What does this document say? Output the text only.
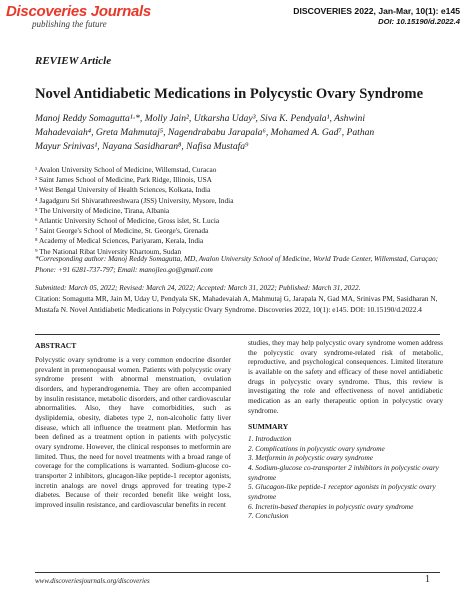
Discoveries Journals
publishing the future
DISCOVERIES 2022, Jan-Mar, 10(1): e145
DOI: 10.15190/d.2022.4
REVIEW Article
Novel Antidiabetic Medications in Polycystic Ovary Syndrome
Manoj Reddy Somagutta¹·*, Molly Jain², Utkarsha Uday³, Siva K. Pendyala¹, Ashwini
Mahadevaiah⁴, Greta Mahmutaj⁵, Nagendrababu Jarapala⁶, Mohamed A. Gad⁷, Pathan
Mayur Srinivas¹, Nayana Sasidharan⁸, Nafisa Mustafa⁹
¹ Avalon University School of Medicine, Willemstad, Curacao
² Saint James School of Medicine, Park Ridge, Illinois, USA
³ West Bengal University of Health Sciences, Kolkata, India
⁴ Jagadguru Sri Shivarathreeshwara (JSS) University, Mysore, India
⁵ The University of Medicine, Tirana, Albania
⁶ Atlantic University School of Medicine, Gross islet, St. Lucia
⁷ Saint George's School of Medicine, St. George's, Grenada
⁸ Academy of Medical Sciences, Pariyaram, Kerala, India
⁹ The National Ribat University Khartoum, Sudan
*Corresponding author: Manoj Reddy Somagutta, MD, Avalon University School of Medicine, World Trade Center, Willemstad, Curaçao; Phone: +91 6281-737-797; Email: manojleo.go@gmail.com
Submitted: March 05, 2022; Revised: March 24, 2022; Accepted: March 31, 2022; Published: March 31, 2022.
Citation: Somagutta MR, Jain M, Uday U, Pendyala SK, Mahadevaiah A, Mahmutaj G, Jarapala N, Gad MA, Srinivas PM, Sasidharan N, Mustafa N. Novel Antidiabetic Medications in Polycystic Ovary Syndrome. Discoveries 2022, 10(1): e145. DOI: 10.15190/d.2022.4
ABSTRACT
Polycystic ovary syndrome is a very common endocrine disorder prevalent in premenopausal women. Patients with polycystic ovary syndrome present with abnormal menstruation, ovulation disorders, and hyperandrogenemia. They are often accompanied by insulin resistance, metabolic disorders, and other cardiovascular abnormalities. Also, they have comorbidities, such as dyslipidemia, obesity, diabetes type 2, non-alcoholic fatty liver disease, which all influence the treatment plan. Metformin has been defined as a treatment option in patients with polycystic ovary syndrome. However, the clinical responses to metformin are limited. Thus, the need for novel treatments with a broad range of coverage for the complications is warranted. Sodium-glucose co-transporter 2 inhibitors, glucagon-like peptide-1 receptor agonists, incretin analogs are novel drugs approved for treating type-2 diabetes. Because of their recorded benefit like weight loss, improved insulin resistance, and cardiovascular benefits in recent
studies, they may help polycystic ovary syndrome women address the polycystic ovary syndrome-related risk of metabolic, reproductive, and psychological consequences. Limited literature is available on the safety and efficacy of these novel antidiabetic drugs in polycystic ovary syndrome. Thus, this review is investigating the role and effectiveness of novel antidiabetic medication as an early therapeutic option in polycystic ovary syndrome.
SUMMARY
1. Introduction
2. Complications in polycystic ovary syndrome
3. Metformin in polycystic ovary syndrome
4. Sodium-glucose co-transporter 2 inhibitors in polycystic ovary syndrome
5. Glucagon-like peptide-1 receptor agonists in polycystic ovary syndrome
6. Incretin-based therapies in polycystic ovary syndrome
7. Conclusion
www.discoveriesjournals.org/discoveries	1
